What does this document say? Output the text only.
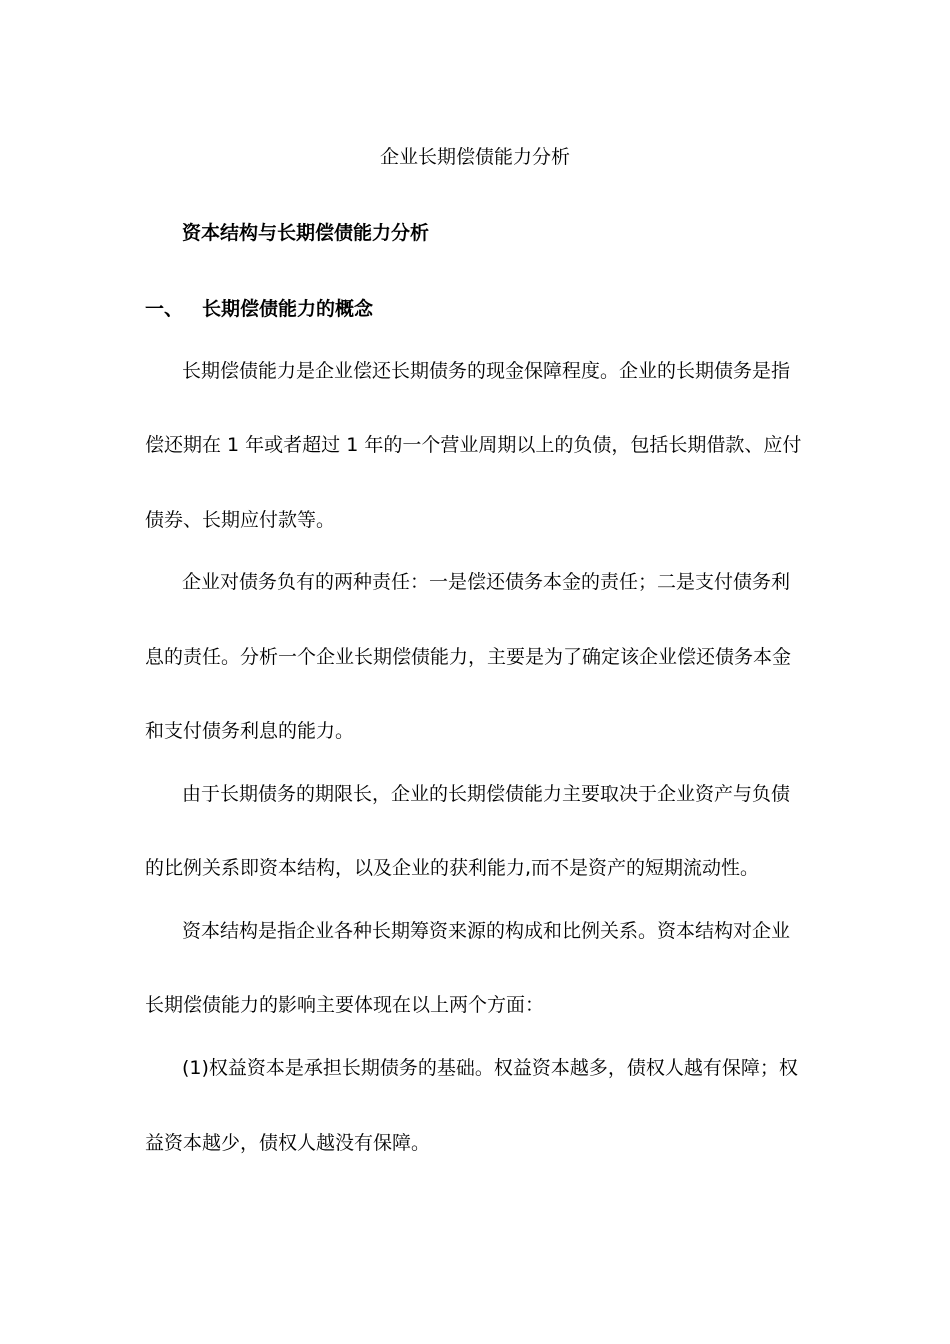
企业长期偿债能力分析
资本结构与长期偿债能力分析
一、 长期偿债能力的概念
长期偿债能力是企业偿还长期债务的现金保障程度。企业的长期债务是指
偿还期在 1 年或者超过 1 年的一个营业周期以上的负债，包括长期借款、应付
债券、长期应付款等。
企业对债务负有的两种责任：一是偿还债务本金的责任；二是支付债务利
息的责任。分析一个企业长期偿债能力，主要是为了确定该企业偿还债务本金
和支付债务利息的能力。
由于长期债务的期限长，企业的长期偿债能力主要取决于企业资产与负债
的比例关系即资本结构，以及企业的获利能力,而不是资产的短期流动性。
资本结构是指企业各种长期筹资来源的构成和比例关系。资本结构对企业
长期偿债能力的影响主要体现在以上两个方面：
(1)权益资本是承担长期债务的基础。权益资本越多，债权人越有保障；权
益资本越少，债权人越没有保障。
